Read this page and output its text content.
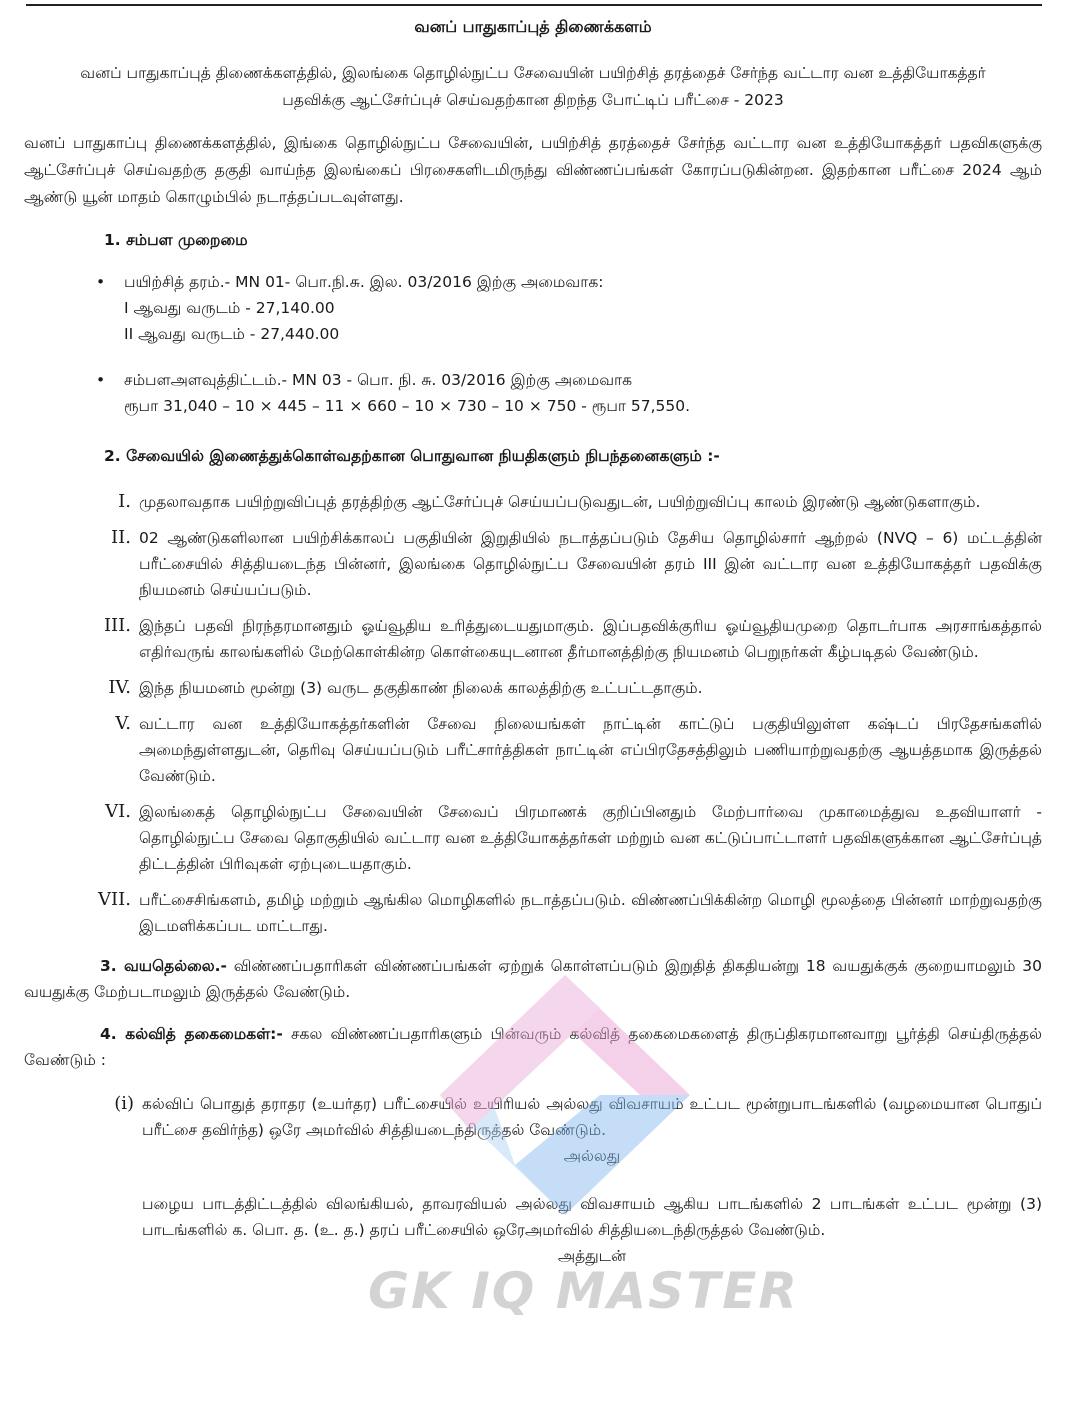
வனப் பாதுகாப்புத் திணைக்களம்
வனப் பாதுகாப்புத் திணைக்களத்தில், இலங்கை தொழில்நுட்ப சேவையின் பயிற்சித் தரத்தைச் சேர்ந்த வட்டார வன உத்தியோகத்தர் பதவிக்கு ஆட்சேர்ப்புச் செய்வதற்கான திறந்த போட்டிப் பரீட்சை - 2023
வனப் பாதுகாப்பு திணைக்களத்தில், இங்கை தொழில்நுட்ப சேவையின், பயிற்சித் தரத்தைச் சேர்ந்த வட்டார வன உத்தியோகத்தர் பதவிகளுக்கு ஆட்சேர்ப்புச் செய்வதற்கு தகுதி வாய்ந்த இலங்கைப் பிரசைகளிடமிருந்து விண்ணப்பங்கள் கோரப்படுகின்றன. இதற்கான பரீட்சை 2024 ஆம் ஆண்டு யூன் மாதம் கொழும்பில் நடாத்தப்படவுள்ளது.
1. சம்பள முறைமை
• பயிற்சித் தரம்.- MN 01- பொ.நி.சு. இல. 03/2016 இற்கு அமைவாக:
I ஆவது வருடம் - 27,140.00
II ஆவது வருடம் - 27,440.00
• சம்பளஅளவுத்திட்டம்.- MN 03 - பொ. நி. சு. 03/2016 இற்கு அமைவாக
ரூபா 31,040 – 10 × 445 – 11 × 660 – 10 × 730 – 10 × 750 - ரூபா 57,550.
2. சேவையில் இணைத்துக்கொள்வதற்கான பொதுவான நியதிகளும் நிபந்தனைகளும் :-
I. முதலாவதாக பயிற்றுவிப்புத் தரத்திற்கு ஆட்சேர்ப்புச் செய்யப்படுவதுடன், பயிற்றுவிப்பு காலம் இரண்டு ஆண்டுகளாகும்.
II. 02 ஆண்டுகளிலான பயிற்சிக்காலப் பகுதியின் இறுதியில் நடாத்தப்படும் தேசிய தொழில்சார் ஆற்றல் (NVQ – 6) மட்டத்தின் பரீட்சையில் சித்தியடைந்த பின்னர், இலங்கை தொழில்நுட்ப சேவையின் தரம் III இன் வட்டார வன உத்தியோகத்தர் பதவிக்கு நியமனம் செய்யப்படும்.
III. இந்தப் பதவி நிரந்தரமானதும் ஓய்வூதிய உரித்துடையதுமாகும். இப்பதவிக்குரிய ஓய்வூதியமுறை தொடர்பாக அரசாங்கத்தால் எதிர்வருங் காலங்களில் மேற்கொள்கின்ற கொள்கையுடனான தீர்மானத்திற்கு நியமனம் பெறுநர்கள் கீழ்படிதல் வேண்டும்.
IV. இந்த நியமனம் மூன்று (3) வருட தகுதிகாண் நிலைக் காலத்திற்கு உட்பட்டதாகும்.
V. வட்டார வன உத்தியோகத்தர்களின் சேவை நிலையங்கள் நாட்டின் காட்டுப் பகுதியிலுள்ள கஷ்டப் பிரதேசங்களில் அமைந்துள்ளதுடன், தெரிவு செய்யப்படும் பரீட்சார்த்திகள் நாட்டின் எப்பிரதேசத்திலும் பணியாற்றுவதற்கு ஆயத்தமாக இருத்தல் வேண்டும்.
VI. இலங்கைத் தொழில்நுட்ப சேவையின் சேவைப் பிரமாணக் குறிப்பினதும் மேற்பார்வை முகாமைத்துவ உதவியாளர் - தொழில்நுட்ப சேவை தொகுதியில் வட்டார வன உத்தியோகத்தர்கள் மற்றும் வன கட்டுப்பாட்டாளர் பதவிகளுக்கான ஆட்சேர்ப்புத் திட்டத்தின் பிரிவுகள் ஏற்புடையதாகும்.
VII. பரீட்சைசிங்களம், தமிழ் மற்றும் ஆங்கில மொழிகளில் நடாத்தப்படும். விண்ணப்பிக்கின்ற மொழி மூலத்தை பின்னர் மாற்றுவதற்கு இடமளிக்கப்பட மாட்டாது.
3. வயதெல்லை.- விண்ணப்பதாரிகள் விண்ணப்பங்கள் ஏற்றுக் கொள்ளப்படும் இறுதித் திகதியன்று 18 வயதுக்குக் குறையாமலும் 30 வயதுக்கு மேற்படாமலும் இருத்தல் வேண்டும்.
4. கல்வித் தகைமைகள்:- சகல விண்ணப்பதாரிகளும் பின்வரும் கல்வித் தகைமைகளைத் திருப்திகரமானவாறு பூர்த்தி செய்திருத்தல் வேண்டும் :
(i) கல்விப் பொதுத் தராதர (உயர்தர) பரீட்சையில் உயிரியல் அல்லது விவசாயம் உட்பட மூன்றுபாடங்களில் (வழமையான பொதுப் பரீட்சை தவிர்ந்த) ஒரே அமர்வில் சித்தியடைந்திருத்தல் வேண்டும்.
அல்லது
பழைய பாடத்திட்டத்தில் விலங்கியல், தாவரவியல் அல்லது விவசாயம் ஆகிய பாடங்களில் 2 பாடங்கள் உட்பட மூன்று (3) பாடங்களில் க. பொ. த. (உ. த.) தரப் பரீட்சையில் ஒரேஅமர்வில் சித்தியடைந்திருத்தல் வேண்டும்.
அத்துடன்
GK IQ MASTER
